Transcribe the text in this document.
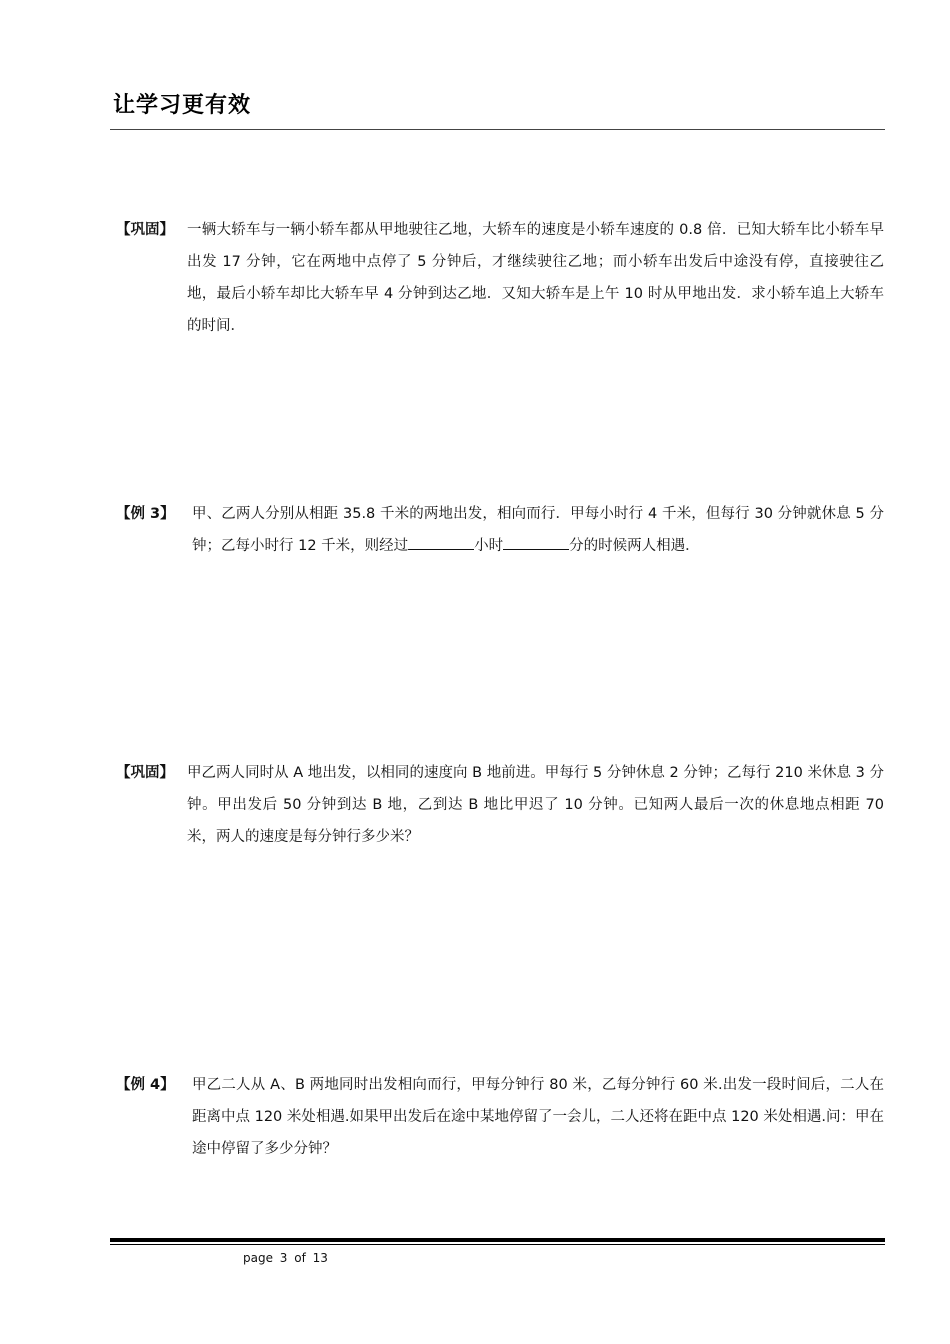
让学习更有效
【巩固】 一辆大轿车与一辆小轿车都从甲地驶往乙地，大轿车的速度是小轿车速度的 0.8 倍．已知大轿车比小轿车早出发 17 分钟，它在两地中点停了 5 分钟后，才继续驶往乙地；而小轿车出发后中途没有停，直接驶往乙地，最后小轿车却比大轿车早 4 分钟到达乙地．又知大轿车是上午 10 时从甲地出发．求小轿车追上大轿车的时间．
【例 3】 甲、乙两人分别从相距 35.8 千米的两地出发，相向而行．甲每小时行 4 千米，但每行 30 分钟就休息 5 分钟；乙每小时行 12 千米，则经过	小时	分的时候两人相遇．
【巩固】 甲乙两人同时从 A 地出发，以相同的速度向 B 地前进。甲每行 5 分钟休息 2 分钟；乙每行 210 米休息 3 分钟。甲出发后 50 分钟到达 B 地，乙到达 B 地比甲迟了 10 分钟。已知两人最后一次的休息地点相距 70 米，两人的速度是每分钟行多少米？
【例 4】 甲乙二人从 A、B 两地同时出发相向而行，甲每分钟行 80 米，乙每分钟行 60 米.出发一段时间后，二人在距离中点 120 米处相遇.如果甲出发后在途中某地停留了一会儿，二人还将在距中点 120 米处相遇.问：甲在途中停留了多少分钟？
page 3 of 13
